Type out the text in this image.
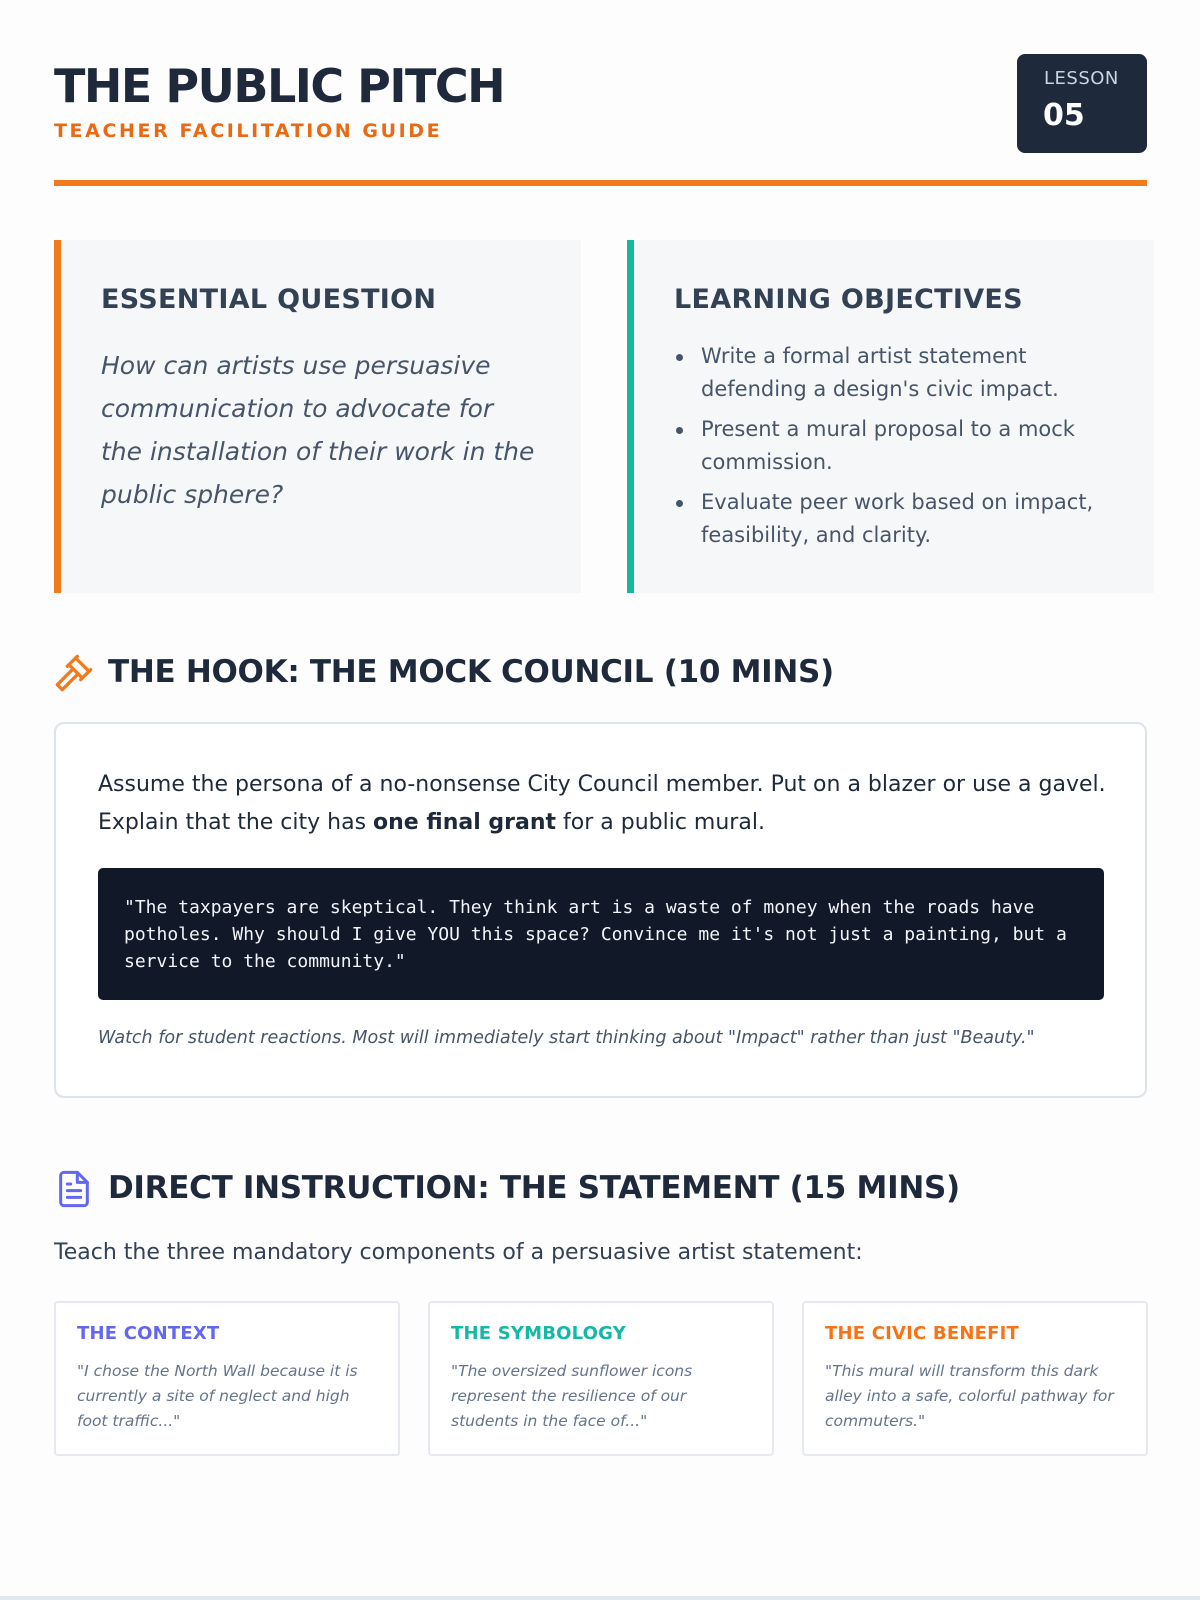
THE PUBLIC PITCH
TEACHER FACILITATION GUIDE
LESSON
05
ESSENTIAL QUESTION
How can artists use persuasive communication to advocate for the installation of their work in the public sphere?
LEARNING OBJECTIVES
Write a formal artist statement defending a design's civic impact.
Present a mural proposal to a mock commission.
Evaluate peer work based on impact, feasibility, and clarity.
THE HOOK: THE MOCK COUNCIL (10 MINS)
Assume the persona of a no-nonsense City Council member. Put on a blazer or use a gavel. Explain that the city has one final grant for a public mural.
"The taxpayers are skeptical. They think art is a waste of money when the roads have potholes. Why should I give YOU this space? Convince me it's not just a painting, but a service to the community."
Watch for student reactions. Most will immediately start thinking about "Impact" rather than just "Beauty."
DIRECT INSTRUCTION: THE STATEMENT (15 MINS)
Teach the three mandatory components of a persuasive artist statement:
THE CONTEXT
"I chose the North Wall because it is currently a site of neglect and high foot traffic..."
THE SYMBOLOGY
"The oversized sunflower icons represent the resilience of our students in the face of..."
THE CIVIC BENEFIT
"This mural will transform this dark alley into a safe, colorful pathway for commuters."
